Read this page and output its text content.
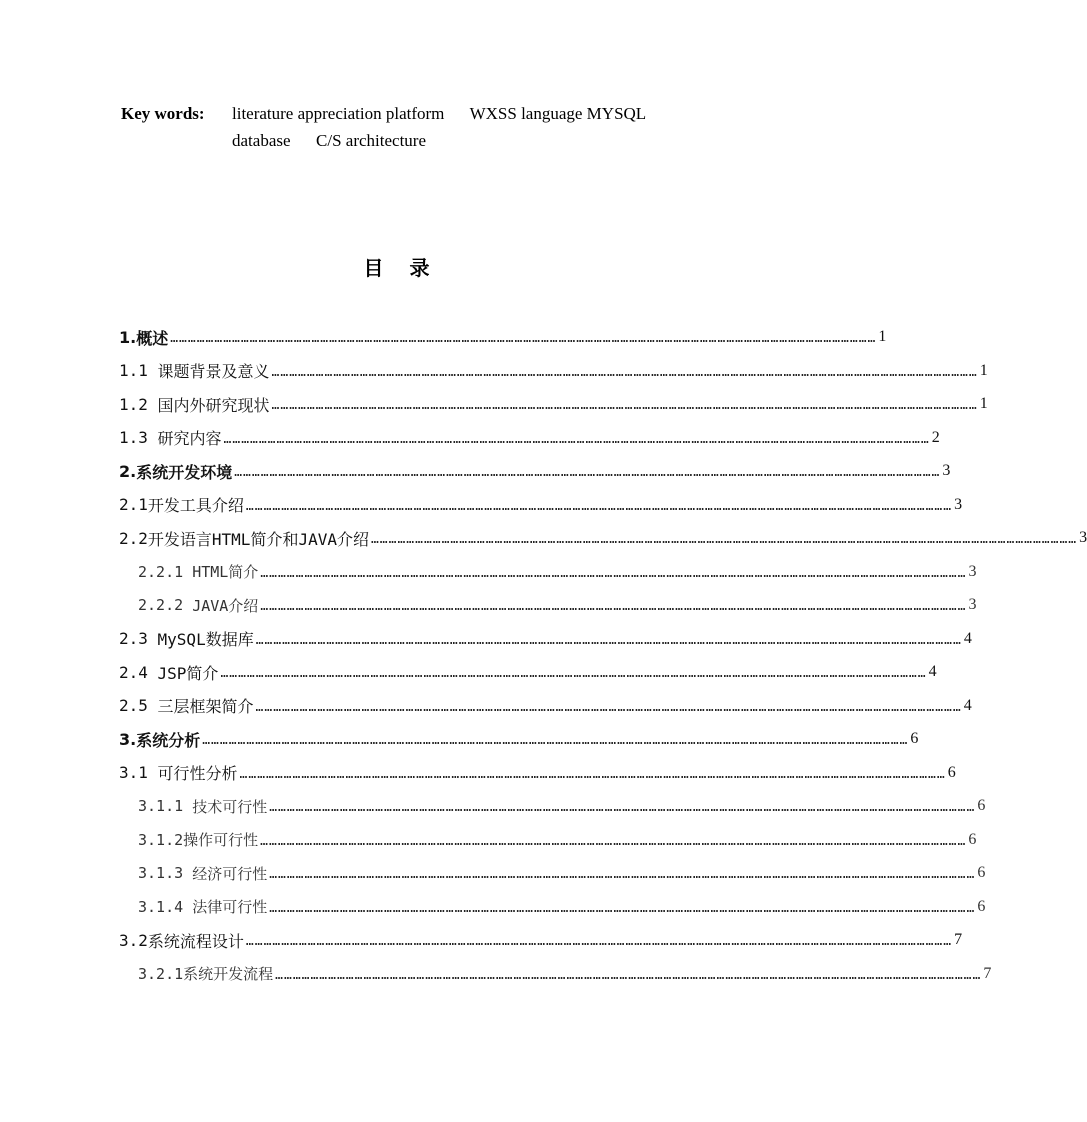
Key words: literature appreciation platform      WXSS language MYSQL
database      C/S architecture
目录
1. 概述 …………………………………………………………………………………………………………………………………………………………………………………………………………………… 1
1.1 课题背景及意义 …………………………………………………………………………………………………………………………………………………………………………………………………………………… 1
1.2 国内外研究现状 …………………………………………………………………………………………………………………………………………………………………………………………………………………… 1
1.3 研究内容 …………………………………………………………………………………………………………………………………………………………………………………………………………………… 2
2. 系统开发环境 …………………………………………………………………………………………………………………………………………………………………………………………………………………… 3
2.1 开发工具介绍 …………………………………………………………………………………………………………………………………………………………………………………………………………………… 3
2.2 开发语言HTML简介和JAVA介绍 …………………………………………………………………………………………………………………………………………………………………………………………………………………… 3
2.2.1 HTML简介 …………………………………………………………………………………………………………………………………………………………………………………………………………………… 3
2.2.2 JAVA介绍 …………………………………………………………………………………………………………………………………………………………………………………………………………………… 3
2.3 MySQL数据库 …………………………………………………………………………………………………………………………………………………………………………………………………………………… 4
2.4 JSP简介 …………………………………………………………………………………………………………………………………………………………………………………………………………………… 4
2.5 三层框架简介 …………………………………………………………………………………………………………………………………………………………………………………………………………………… 4
3. 系统分析 …………………………………………………………………………………………………………………………………………………………………………………………………………………… 6
3.1 可行性分析 …………………………………………………………………………………………………………………………………………………………………………………………………………………… 6
3.1.1 技术可行性 …………………………………………………………………………………………………………………………………………………………………………………………………………………… 6
3.1.2 操作可行性 …………………………………………………………………………………………………………………………………………………………………………………………………………………… 6
3.1.3 经济可行性 …………………………………………………………………………………………………………………………………………………………………………………………………………………… 6
3.1.4 法律可行性 …………………………………………………………………………………………………………………………………………………………………………………………………………………… 6
3.2 系统流程设计 …………………………………………………………………………………………………………………………………………………………………………………………………………………… 7
3.2.1 系统开发流程 …………………………………………………………………………………………………………………………………………………………………………………………………………………… 7
